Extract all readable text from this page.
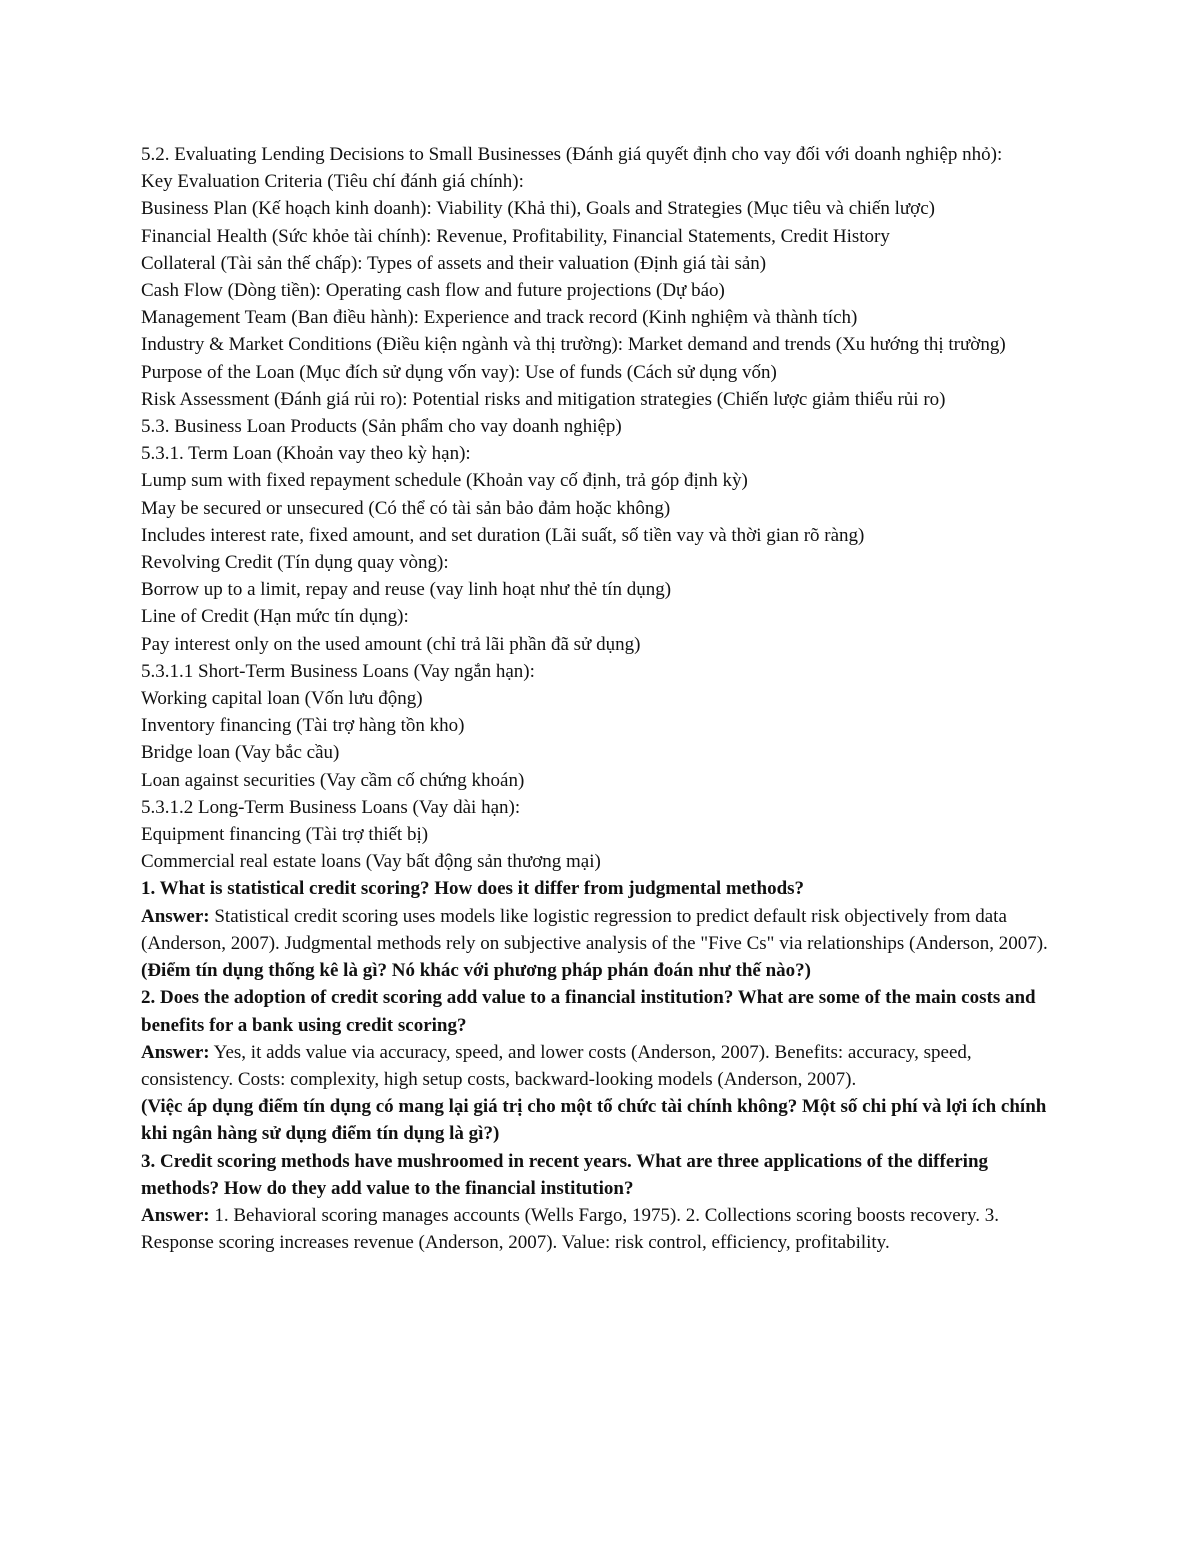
5.2. Evaluating Lending Decisions to Small Businesses (Đánh giá quyết định cho vay đối với doanh nghiệp nhỏ):

Key Evaluation Criteria (Tiêu chí đánh giá chính):

Business Plan (Kế hoạch kinh doanh): Viability (Khả thi), Goals and Strategies (Mục tiêu và chiến lược)

Financial Health (Sức khỏe tài chính): Revenue, Profitability, Financial Statements, Credit History

Collateral (Tài sản thế chấp): Types of assets and their valuation (Định giá tài sản)

Cash Flow (Dòng tiền): Operating cash flow and future projections (Dự báo)

Management Team (Ban điều hành): Experience and track record (Kinh nghiệm và thành tích)

Industry & Market Conditions (Điều kiện ngành và thị trường): Market demand and trends (Xu hướng thị trường)

Purpose of the Loan (Mục đích sử dụng vốn vay): Use of funds (Cách sử dụng vốn)

Risk Assessment (Đánh giá rủi ro): Potential risks and mitigation strategies (Chiến lược giảm thiểu rủi ro)

5.3. Business Loan Products (Sản phẩm cho vay doanh nghiệp)

5.3.1. Term Loan (Khoản vay theo kỳ hạn):

Lump sum with fixed repayment schedule (Khoản vay cố định, trả góp định kỳ)

May be secured or unsecured (Có thể có tài sản bảo đảm hoặc không)

Includes interest rate, fixed amount, and set duration (Lãi suất, số tiền vay và thời gian rõ ràng)

Revolving Credit (Tín dụng quay vòng):

Borrow up to a limit, repay and reuse (vay linh hoạt như thẻ tín dụng)

Line of Credit (Hạn mức tín dụng):

Pay interest only on the used amount (chỉ trả lãi phần đã sử dụng)

5.3.1.1 Short-Term Business Loans (Vay ngắn hạn):

Working capital loan (Vốn lưu động)

Inventory financing (Tài trợ hàng tồn kho)

Bridge loan (Vay bắc cầu)

Loan against securities (Vay cầm cố chứng khoán)

5.3.1.2 Long-Term Business Loans (Vay dài hạn):

Equipment financing (Tài trợ thiết bị)

Commercial real estate loans (Vay bất động sản thương mại)

1. What is statistical credit scoring? How does it differ from judgmental methods?

Answer: Statistical credit scoring uses models like logistic regression to predict default risk objectively from data (Anderson, 2007). Judgmental methods rely on subjective analysis of the "Five Cs" via relationships (Anderson, 2007).

(Điểm tín dụng thống kê là gì? Nó khác với phương pháp phán đoán như thế nào?)

2. Does the adoption of credit scoring add value to a financial institution? What are some of the main costs and benefits for a bank using credit scoring?

Answer: Yes, it adds value via accuracy, speed, and lower costs (Anderson, 2007). Benefits: accuracy, speed, consistency. Costs: complexity, high setup costs, backward-looking models (Anderson, 2007).

(Việc áp dụng điểm tín dụng có mang lại giá trị cho một tổ chức tài chính không? Một số chi phí và lợi ích chính khi ngân hàng sử dụng điểm tín dụng là gì?)

3. Credit scoring methods have mushroomed in recent years. What are three applications of the differing methods? How do they add value to the financial institution?

Answer: 1. Behavioral scoring manages accounts (Wells Fargo, 1975). 2. Collections scoring boosts recovery. 3. Response scoring increases revenue (Anderson, 2007). Value: risk control, efficiency, profitability.
